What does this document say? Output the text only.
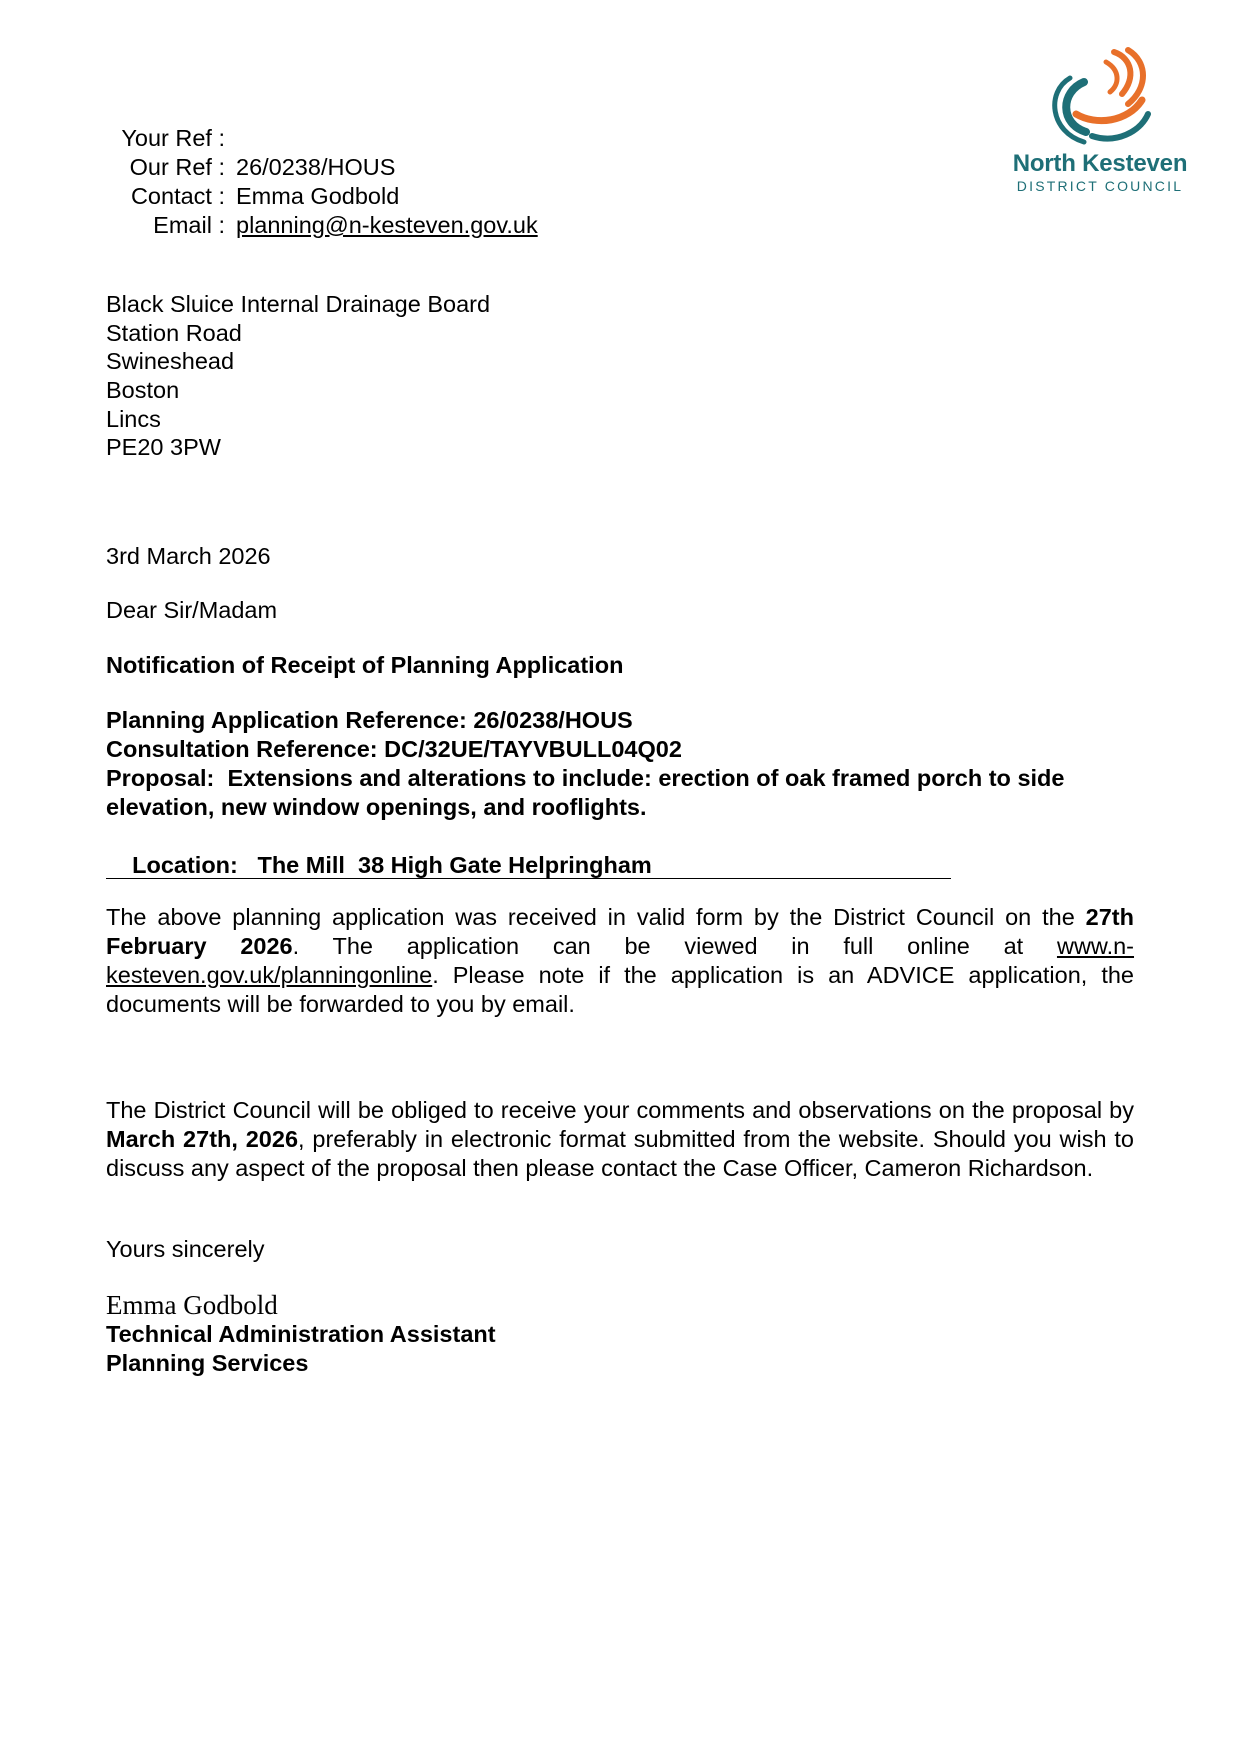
Your Ref :
Our Ref : 26/0238/HOUS
Contact : Emma Godbold
Email : planning@n-kesteven.gov.uk
North Kesteven
DISTRICT COUNCIL
Black Sluice Internal Drainage Board
Station Road
Swineshead
Boston
Lincs
PE20 3PW
3rd March 2026
Dear Sir/Madam
Notification of Receipt of Planning Application
Planning Application Reference: 26/0238/HOUS
Consultation Reference: DC/32UE/TAYVBULL04Q02
Proposal: Extensions and alterations to include: erection of oak framed porch to side elevation, new window openings, and rooflights.

Location: The Mill  38 High Gate Helpringham

The above planning application was received in valid form by the District Council on the 27th February 2026. The application can be viewed in full online at www.n-kesteven.gov.uk/planningonline. Please note if the application is an ADVICE application, the documents will be forwarded to you by email.
The District Council will be obliged to receive your comments and observations on the proposal by March 27th, 2026, preferably in electronic format submitted from the website. Should you wish to discuss any aspect of the proposal then please contact the Case Officer, Cameron Richardson.
Yours sincerely
Emma Godbold
Technical Administration Assistant
Planning Services
